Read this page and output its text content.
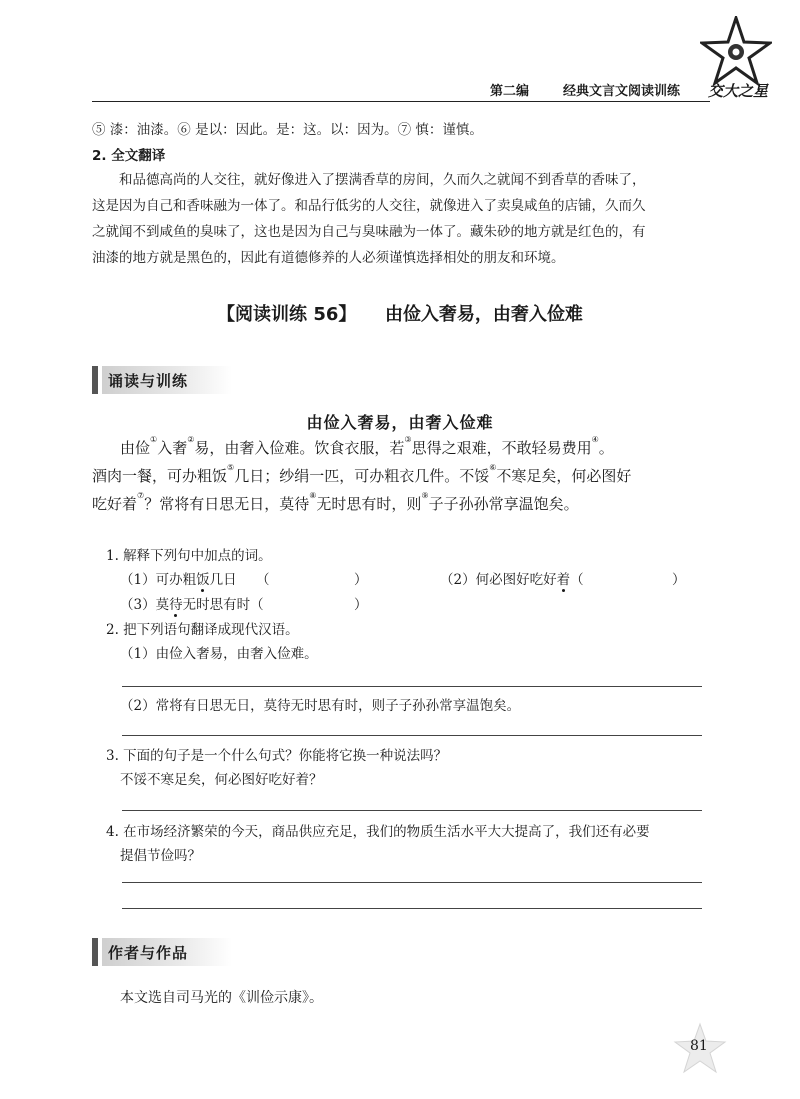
第二编	经典文言文阅读训练 交大之星
⑤ 漆：油漆。⑥ 是以：因此。是：这。以：因为。⑦ 慎：谨慎。
2. 全文翻译
和品德高尚的人交往，就好像进入了摆满香草的房间，久而久之就闻不到香草的香味了，
这是因为自己和香味融为一体了。和品行低劣的人交往，就像进入了卖臭咸鱼的店铺，久而久
之就闻不到咸鱼的臭味了，这也是因为自己与臭味融为一体了。藏朱砂的地方就是红色的，有
油漆的地方就是黑色的，因此有道德修养的人必须谨慎选择相处的朋友和环境。
【阅读训练 56】 由俭入奢易，由奢入俭难
诵读与训练
由俭入奢易，由奢入俭难
由俭①入奢②易，由奢入俭难。饮食衣服，若③思得之艰难，不敢轻易费用④。
酒肉一餐，可办粗饭⑤几日；纱绢一匹，可办粗衣几件。不馁⑥不寒足矣，何必图好
吃好着⑦？常将有日思无日，莫待⑧无时思有时，则⑨子子孙孙常享温饱矣。
1. 解释下列句中加点的词。
（1）可办粗饭几日 （	）	（2）何必图好吃好着（	）
（3）莫待无时思有时（	）
2. 把下列语句翻译成现代汉语。
（1）由俭入奢易，由奢入俭难。
（2）常将有日思无日，莫待无时思有时，则子子孙孙常享温饱矣。
3. 下面的句子是一个什么句式？你能将它换一种说法吗？
不馁不寒足矣，何必图好吃好着？
4. 在市场经济繁荣的今天，商品供应充足，我们的物质生活水平大大提高了，我们还有必要
提倡节俭吗？
作者与作品
本文选自司马光的《训俭示康》。
81
